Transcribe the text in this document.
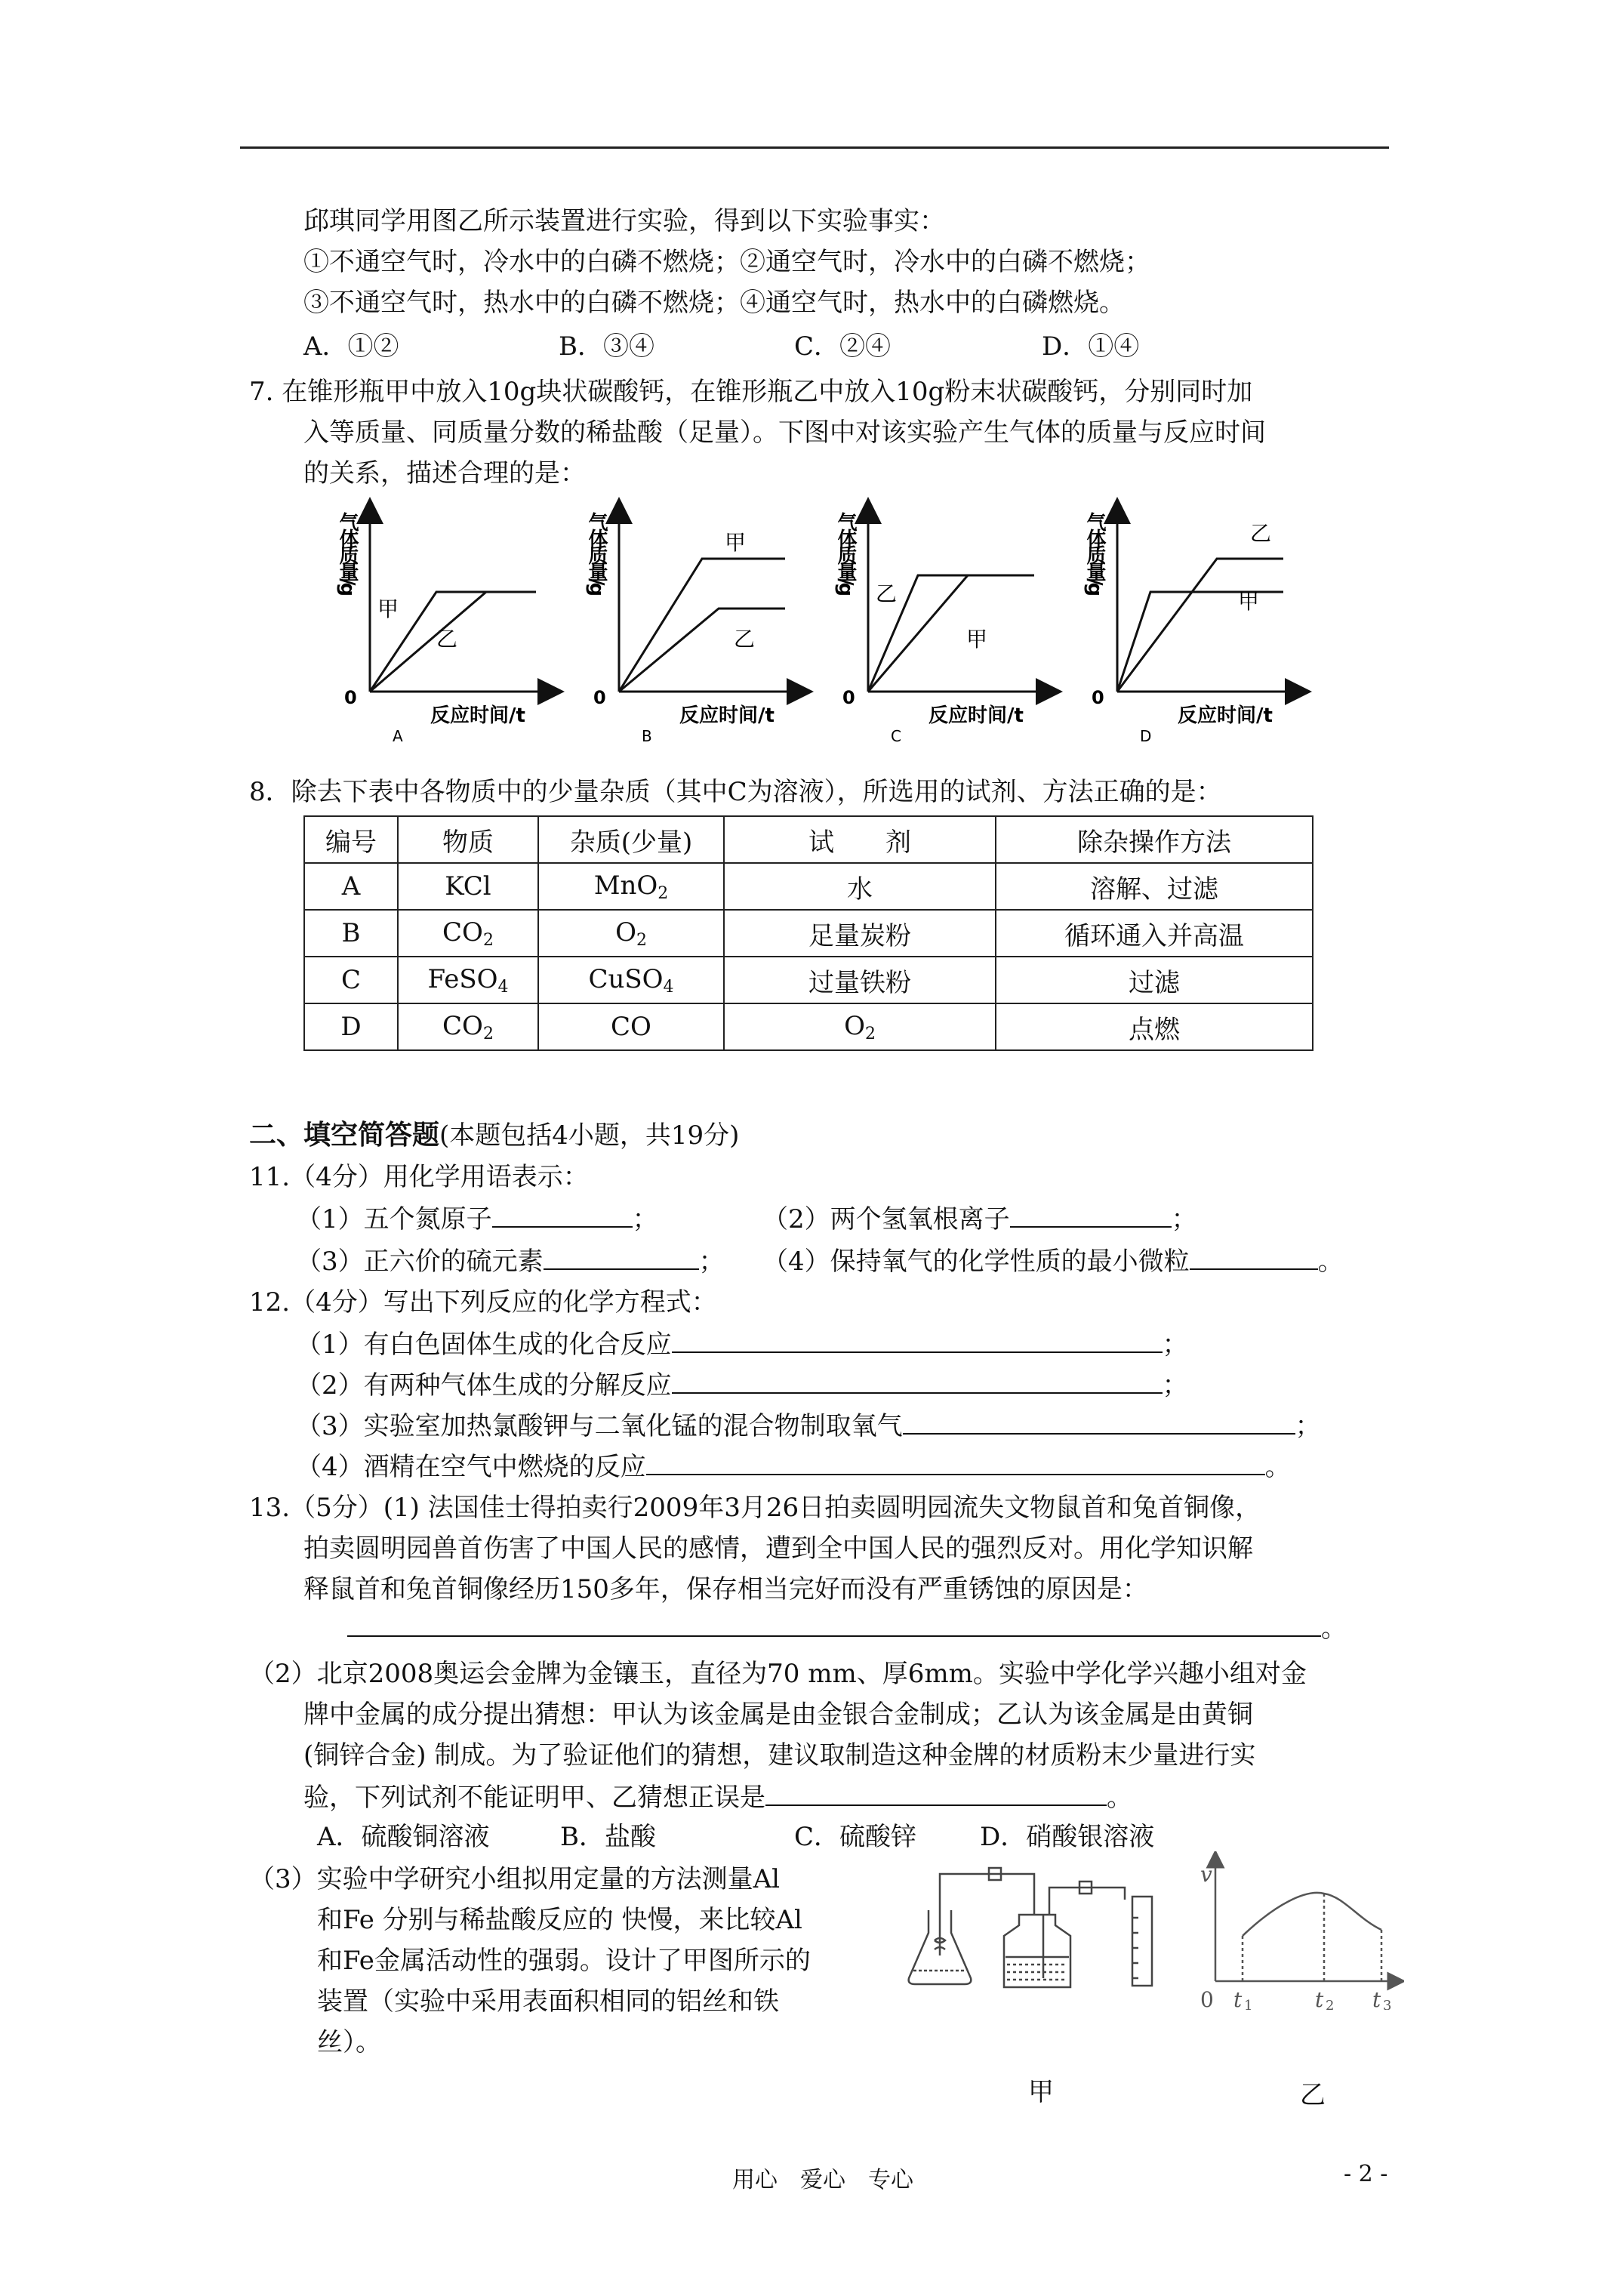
邱琪同学用图乙所示装置进行实验，得到以下实验事实：
①不通空气时，冷水中的白磷不燃烧；②通空气时，冷水中的白磷不燃烧；
③不通空气时，热水中的白磷不燃烧；④通空气时，热水中的白磷燃烧。
A．①②	B．③④	C．②④	D．①④
7. 在锥形瓶甲中放入10g块状碳酸钙，在锥形瓶乙中放入10g粉末状碳酸钙，分别同时加
入等质量、同质量分数的稀盐酸（足量）。下图中对该实验产生气体的质量与反应时间
的关系，描述合理的是：
气体质量/g
0
反应时间/t
A
甲
乙
气体质量/g
0
反应时间/t
B
甲
乙
气体质量/g
0
反应时间/t
C
乙
甲
气体质量/g
0
反应时间/t
D
乙
甲
8．除去下表中各物质中的少量杂质（其中C为溶液），所选用的试剂、方法正确的是：
编号	物质	杂质(少量)	试　　剂	除杂操作方法
A	KCl	MnO$_2$	水	溶解、过滤
B	$CO_2$	$O_2$	足量炭粉	循环通入并高温
C	FeSO$_4$	CuSO$_4$	过量铁粉	过滤
D	$CO_2$	CO	$O_2$	点燃
二、填空简答题(本题包括4小题，共19分)
11.（4分）用化学用语表示：
（1）五个氮原子	；	（2）两个氢氧根离子	；
（3）正六价的硫元素	； （4）保持氧气的化学性质的最小微粒	。
12.（4分）写出下列反应的化学方程式：
（1）有白色固体生成的化合反应	；
（2）有两种气体生成的分解反应	；
（3）实验室加热氯酸钾与二氧化锰的混合物制取氧气	；
（4）酒精在空气中燃烧的反应	。
13.（5分）(1) 法国佳士得拍卖行2009年3月26日拍卖圆明园流失文物鼠首和兔首铜像，
拍卖圆明园兽首伤害了中国人民的感情，遭到全中国人民的强烈反对。用化学知识解
释鼠首和兔首铜像经历150多年，保存相当完好而没有严重锈蚀的原因是：
。
（2）北京2008奥运会金牌为金镶玉，直径为70 mm、厚6mm。实验中学化学兴趣小组对金
牌中金属的成分提出猜想：甲认为该金属是由金银合金制成；乙认为该金属是由黄铜
(铜锌合金) 制成。为了验证他们的猜想，建议取制造这种金牌的材质粉末少量进行实
验，下列试剂不能证明甲、乙猜想正误是	。
A．硫酸铜溶液	B．盐酸	C．硫酸锌 D．硝酸银溶液
（3）实验中学研究小组拟用定量的方法测量Al
和Fe 分别与稀盐酸反应的 快慢，来比较Al
和Fe金属活动性的强弱。设计了甲图所示的
装置（实验中采用表面积相同的铝丝和铁
丝）。
v
0 t 1	t 2 t 3
甲	乙
用心　爱心　专心	- 2 -
